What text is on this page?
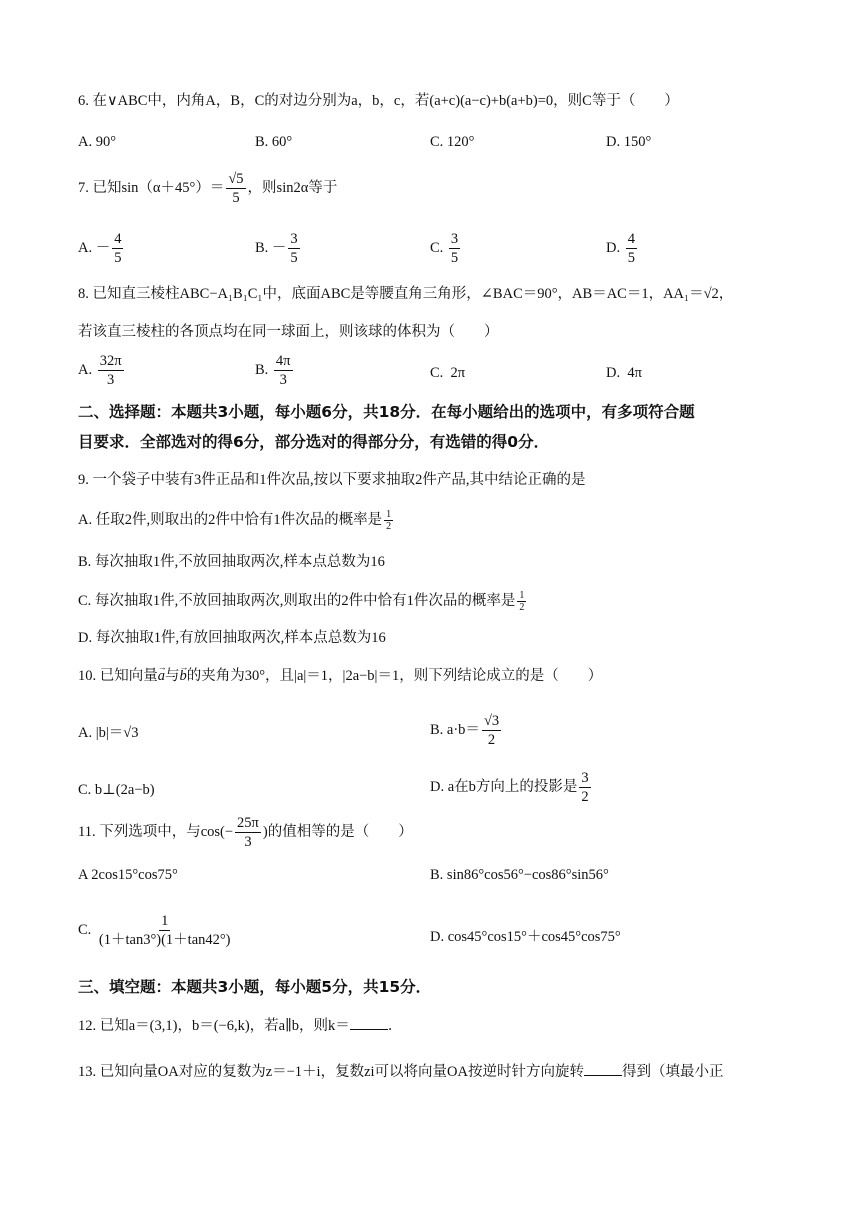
6. 在∨ABC中，内角A，B，C的对边分别为a，b，c，若(a+c)(a−c)+b(a+b)=0，则C等于（　　）
A. 90°	B. 60°	C. 120°	D. 150°
7. 已知$\sin(\alpha+45^\circ)= \frac{√5}{5}$ ，则sin2α等于
A. － $\frac{4}{5}$	B. － $\frac{3}{5}$	C. $\frac{3}{5}$	D. $\frac{4}{5}$
8. 已知直三棱柱ABC−A₁B₁C₁中，底面ABC是等腰直角三角形，∠BAC＝90°，AB＝AC＝1，AA₁＝√2，
若该直三棱柱的各顶点均在同一球面上，则该球的体积为（　　）
A. $\frac{32\pi}{3}$	B. $\frac{4\pi}{3}$	C. 2π	D. 4π
二、选择题：本题共3小题，每小题6分，共18分．在每小题给出的选项中，有多项符合题
目要求．全部选对的得6分，部分选对的得部分分，有选错的得0分．
9. 一个袋子中装有3件正品和1件次品,按以下要求抽取2件产品,其中结论正确的是
A. 任取2件,则取出的2件中恰有1件次品的概率是 $\frac{1}{2}$
B. 每次抽取1件,不放回抽取两次,样本点总数为16
C. 每次抽取1件,不放回抽取两次,则取出的2件中恰有1件次品的概率是 $\frac{1}{2}$
D. 每次抽取1件,有放回抽取两次,样本点总数为16
10. 已知向量→ a与→ b的夹角为30°，且|a|＝1，|2a−b|＝1，则下列结论成立的是（　　）
A. |b|＝√3	B. $a\cdot b= \frac{√3}{2}$
C. b⊥(2a−b)	D. a在b方向上的投影是 $\frac{3}{2}$
11. 下列选项中，与$\cos(- \frac{25\pi}{3}$ )的值相等的是（　　）
A 2cos15°cos75°	B. sin86°cos56°−cos86°sin56°
C. $\frac{1}{(1+\tan 3^\circ)(1+\tan 42^\circ)}$	D. cos45°cos15°＋cos45°cos75°
三、填空题：本题共3小题，每小题5分，共15分．
12. 已知a＝(3,1)，b＝(−6,k)，若a∥b，则k＝	．
13. 已知向量OA对应的复数为z＝−1＋i，复数zi可以将向量OA按逆时针方向旋转	得到（填最小正
